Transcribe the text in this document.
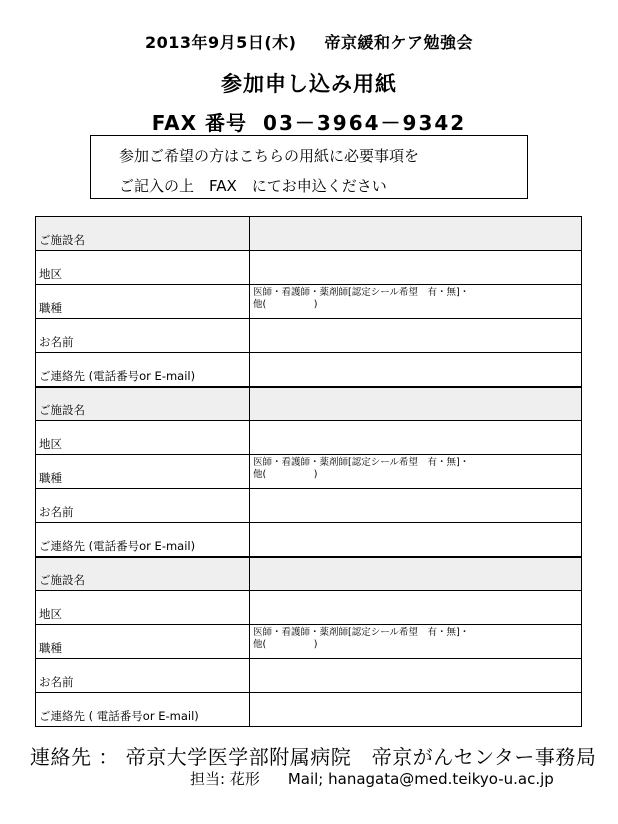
2013年9月5日(木) 帝京緩和ケア勉強会
参加申し込み用紙
FAX 番号 03－3964－9342
参加ご希望の方はこちらの用紙に必要事項を
ご記入の上　FAX　にてお申込ください
ご施設名	
地区	
職種	医師・看護師・薬剤師[認定シール希望　有・無]・
他(　　　　　)

お名前	
ご連絡先 (電話番号or E-mail)	
ご施設名	
地区	
職種	医師・看護師・薬剤師[認定シール希望　有・無]・
他(　　　　　)

お名前	
ご連絡先 (電話番号or E-mail)	
ご施設名	
地区	
職種	医師・看護師・薬剤師[認定シール希望　有・無]・
他(　　　　　)

お名前	
ご連絡先 ( 電話番号or E-mail)	
連絡先 ： 帝京大学医学部附属病院　帝京がんセンター事務局
担当: 花形 Mail; hanagata@med.teikyo-u.ac.jp
